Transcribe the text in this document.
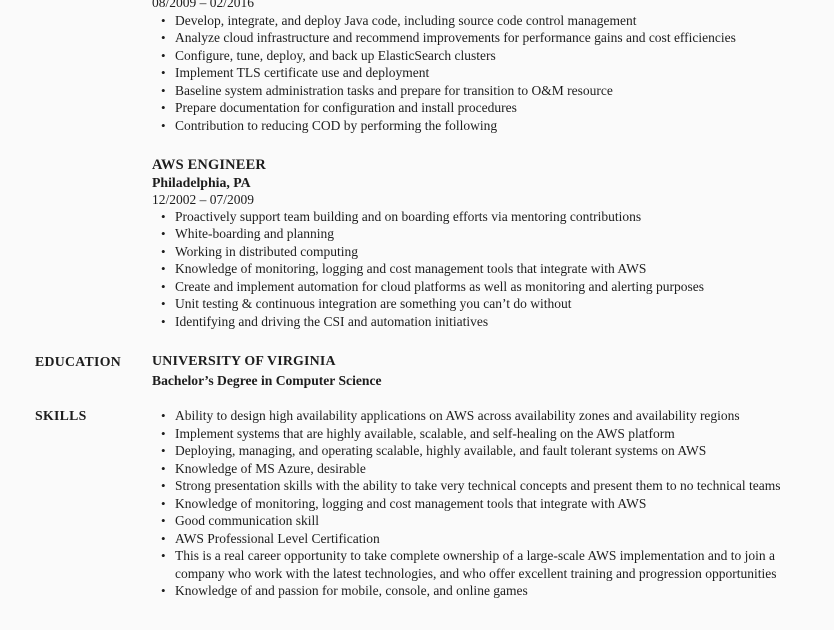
08/2009 – 02/2016
• Develop, integrate, and deploy Java code, including source code control management
• Analyze cloud infrastructure and recommend improvements for performance gains and cost efficiencies
• Configure, tune, deploy, and back up ElasticSearch clusters
• Implement TLS certificate use and deployment
• Baseline system administration tasks and prepare for transition to O&M resource
• Prepare documentation for configuration and install procedures
• Contribution to reducing COD by performing the following
AWS ENGINEER
Philadelphia, PA
12/2002 – 07/2009
• Proactively support team building and on boarding efforts via mentoring contributions
• White-boarding and planning
• Working in distributed computing
• Knowledge of monitoring, logging and cost management tools that integrate with AWS
• Create and implement automation for cloud platforms as well as monitoring and alerting purposes
• Unit testing & continuous integration are something you can’t do without
• Identifying and driving the CSI and automation initiatives
EDUCATION	UNIVERSITY OF VIRGINIA
Bachelor’s Degree in Computer Science
SKILLS	• Ability to design high availability applications on AWS across availability zones and availability regions
• Implement systems that are highly available, scalable, and self-healing on the AWS platform
• Deploying, managing, and operating scalable, highly available, and fault tolerant systems on AWS
• Knowledge of MS Azure, desirable
• Strong presentation skills with the ability to take very technical concepts and present them to no technical teams
• Knowledge of monitoring, logging and cost management tools that integrate with AWS
• Good communication skill
• AWS Professional Level Certification
• This is a real career opportunity to take complete ownership of a large-scale AWS implementation and to join a company who work with the latest technologies, and who offer excellent training and progression opportunities
• Knowledge of and passion for mobile, console, and online games
